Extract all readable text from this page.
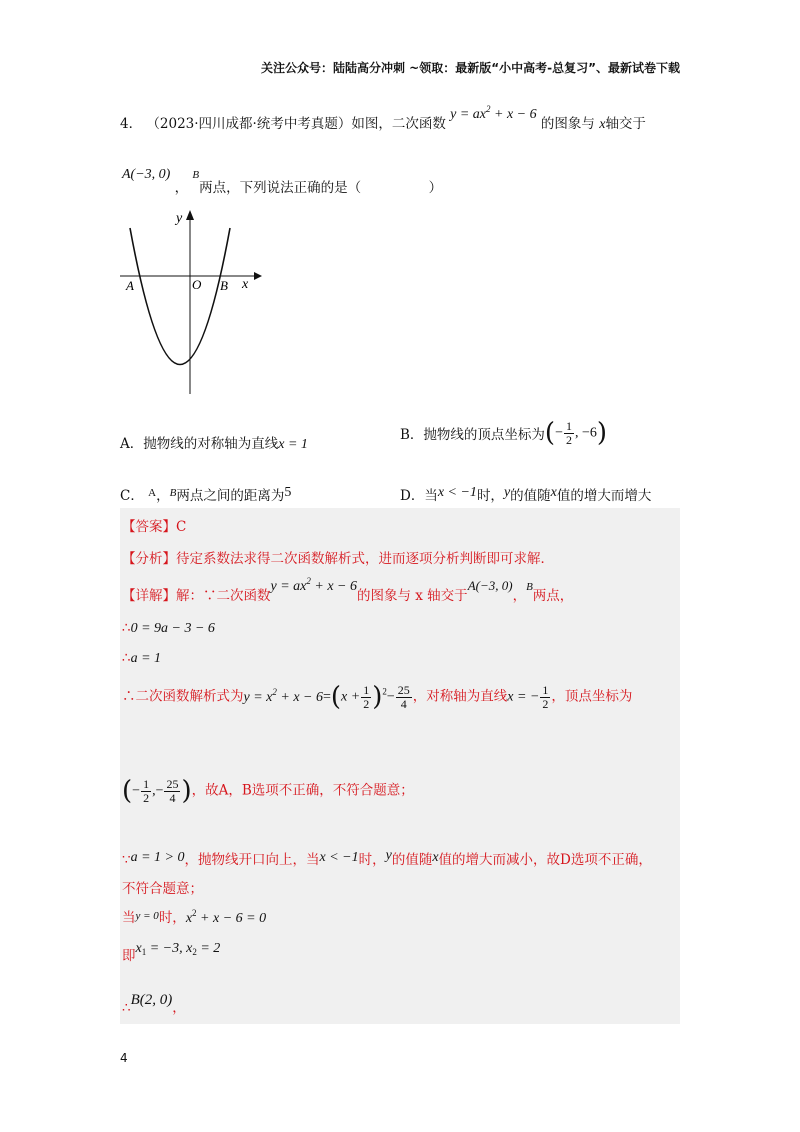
关注公众号：陆陆高分冲刺 ~领取：最新版“小中高考-总复习”、最新试卷下载
4． （2023·四川成都·统考中考真题）如图，二次函数 $y = ax^2 + x - 6$ 的图象与 x轴交于
A(−3, 0) ， B两点，下列说法正确的是（　　　　　）
y
x
A	O B
A．抛物线的对称轴为直线x = 1
B．抛物线的顶点坐标为(− $\frac{1}{2}$ , −6)
C． $^A$，$^B$两点之间的距离为5	D．当x < −1时，y的值随x值的增大而增大
【答案】C
【分析】待定系数法求得二次函数解析式，进而逐项分析判断即可求解．
【详解】解：∵二次函数$y = ax^2 + x - 6$的图象与 x 轴交于A(−3, 0)，B两点，
∴0 = 9a − 3 − 6
∴a = 1
∴二次函数解析式为$y = x^2 + x - 6=(x + \frac{1}{2} )^2- \frac{25}{4}$ ，对称轴为直线x = − $\frac{1}{2}$ ，顶点坐标为
(− $\frac{1}{2}$ ,− $\frac{25}{4}$ )，故A，B选项不正确，不符合题意；
∵a = 1 > 0，抛物线开口向上，当x < −1时，y的值随x值的增大而减小，故D选项不正确，
不符合题意；
当$^{y = 0}$时，$x^2 + x - 6 = 0$
即$x_1 = -3$, $x_2 = 2$
∴B(2, 0)，
4
